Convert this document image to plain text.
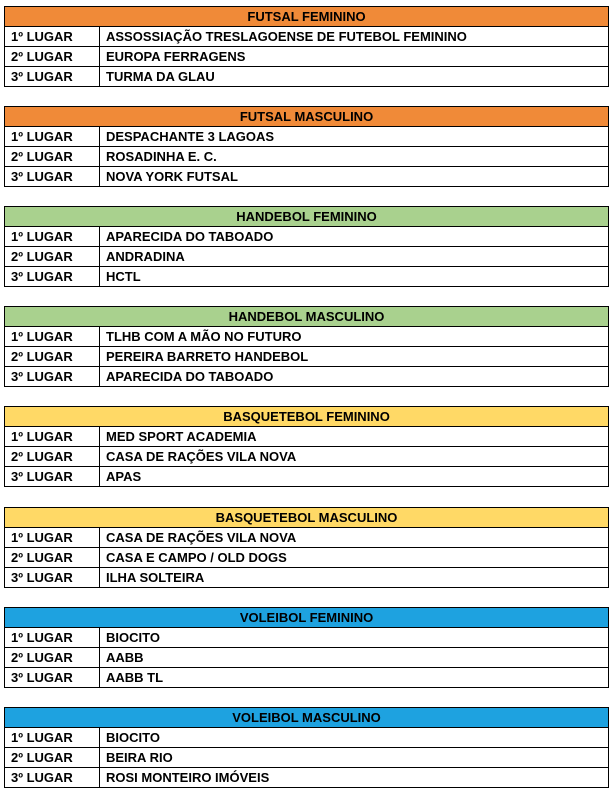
FUTSAL FEMININO	
1º LUGAR	ASSOSSIAÇÃO TRESLAGOENSE DE FUTEBOL FEMININO
2º LUGAR	EUROPA FERRAGENS
3º LUGAR	TURMA DA GLAU
FUTSAL MASCULINO	
1º LUGAR	DESPACHANTE 3 LAGOAS
2º LUGAR	ROSADINHA E. C.
3º LUGAR	NOVA YORK FUTSAL
HANDEBOL FEMININO	
1º LUGAR	APARECIDA DO TABOADO
2º LUGAR	ANDRADINA
3º LUGAR	HCTL
HANDEBOL MASCULINO	
1º LUGAR	TLHB COM A MÃO NO FUTURO
2º LUGAR	PEREIRA BARRETO HANDEBOL
3º LUGAR	APARECIDA DO TABOADO
BASQUETEBOL FEMININO	
1º LUGAR	MED SPORT ACADEMIA
2º LUGAR	CASA DE RAÇÕES VILA NOVA
3º LUGAR	APAS
BASQUETEBOL MASCULINO	
1º LUGAR	CASA DE RAÇÕES VILA NOVA
2º LUGAR	CASA E CAMPO / OLD DOGS
3º LUGAR	ILHA SOLTEIRA
VOLEIBOL FEMININO	
1º LUGAR	BIOCITO
2º LUGAR	AABB
3º LUGAR	AABB TL
VOLEIBOL MASCULINO	
1º LUGAR	BIOCITO
2º LUGAR	BEIRA RIO
3º LUGAR	ROSI MONTEIRO IMÓVEIS
